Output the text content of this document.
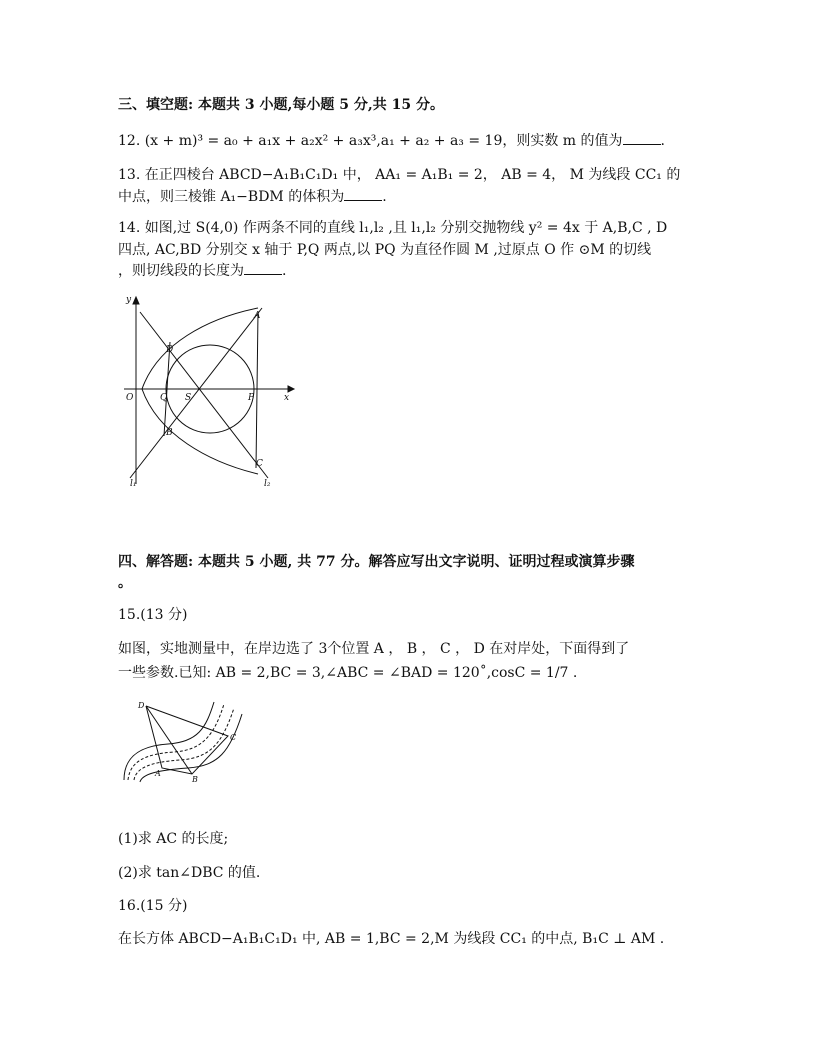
三、填空题: 本题共 3 小题,每小题 5 分,共 15 分。
12. (x + m)³ = a₀ + a₁x + a₂x² + a₃x³,a₁ + a₂ + a₃ = 19，则实数 m 的值为	.
13. 在正四棱台 ABCD−A₁B₁C₁D₁ 中， AA₁ = A₁B₁ = 2， AB = 4， M 为线段 CC₁ 的
中点，则三棱锥 A₁−BDM 的体积为	.
14. 如图,过 S(4,0) 作两条不同的直线 l₁,l₂ ,且 l₁,l₂ 分别交抛物线 y² = 4x 于 A,B,C , D
四点, AC,BD 分别交 x 轴于 P,Q 两点,以 PQ 为直径作圆 M ,过原点 O 作 ⊙M 的切线
，则切线段的长度为	.
y
x
O	Q S	P
A
D
B
C
l₁	l₂
四、解答题: 本题共 5 小题, 共 77 分。解答应写出文字说明、证明过程或演算步骤
。
15.(13 分)
如图，实地测量中，在岸边选了 3个位置 A ， B ， C ， D 在对岸处，下面得到了
一些参数.已知: AB = 2,BC = 3,∠ABC = ∠BAD = 120˚,cosC = 1/7 .
D
C
A
B
(1)求 AC 的长度;
(2)求 tan∠DBC 的值.
16.(15 分)
在长方体 ABCD−A₁B₁C₁D₁ 中, AB = 1,BC = 2,M 为线段 CC₁ 的中点, B₁C ⊥ AM .
